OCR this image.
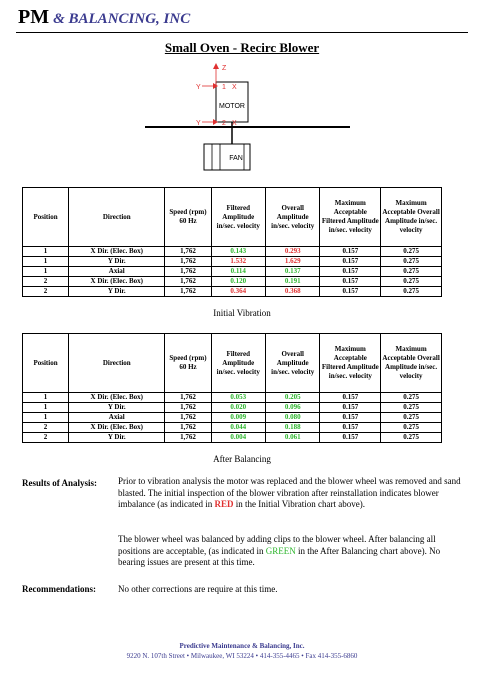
PM & BALANCING, INC
Small Oven - Recirc Blower
MOTOR
FAN
Z
Y	1 X
Y	2 X
Position	Direction	Speed (rpm) 60 Hz	Filtered Amplitude in/sec. velocity	Overall Amplitude in/sec. velocity	Maximum Acceptable Filtered Amplitude in/sec. velocity	Maximum Acceptable Overall Amplitude in/sec. velocity
1	X Dir. (Elec. Box)	1,762	0.143	0.293	0.157	0.275
1	Y Dir.	1,762	1.532	1.629	0.157	0.275
1	Axial	1,762	0.114	0.137	0.157	0.275
2	X Dir. (Elec. Box)	1,762	0.120	0.191	0.157	0.275
2	Y Dir.	1,762	0.364	0.368	0.157	0.275
Initial Vibration
Position	Direction	Speed (rpm) 60 Hz	Filtered Amplitude in/sec. velocity	Overall Amplitude in/sec. velocity	Maximum Acceptable Filtered Amplitude in/sec. velocity	Maximum Acceptable Overall Amplitude in/sec. velocity
1	X Dir. (Elec. Box)	1,762	0.053	0.205	0.157	0.275
1	Y Dir.	1,762	0.020	0.096	0.157	0.275
1	Axial	1,762	0.009	0.080	0.157	0.275
2	X Dir. (Elec. Box)	1,762	0.044	0.188	0.157	0.275
2	Y Dir.	1,762	0.004	0.061	0.157	0.275
After Balancing
Results of Analysis: Prior to vibration analysis the motor was replaced and the blower wheel was removed and sand blasted. The initial inspection of the blower vibration after reinstallation indicates blower imbalance (as indicated in RED in the Initial Vibration chart above).
The blower wheel was balanced by adding clips to the blower wheel. After balancing all positions are acceptable, (as indicated in GREEN in the After Balancing chart above). No bearing issues are present at this time.
Recommendations: No other corrections are require at this time.
Predictive Maintenance & Balancing, Inc.
9220 N. 107th Street • Milwaukee, WI 53224 • 414-355-4465 • Fax 414-355-6860
